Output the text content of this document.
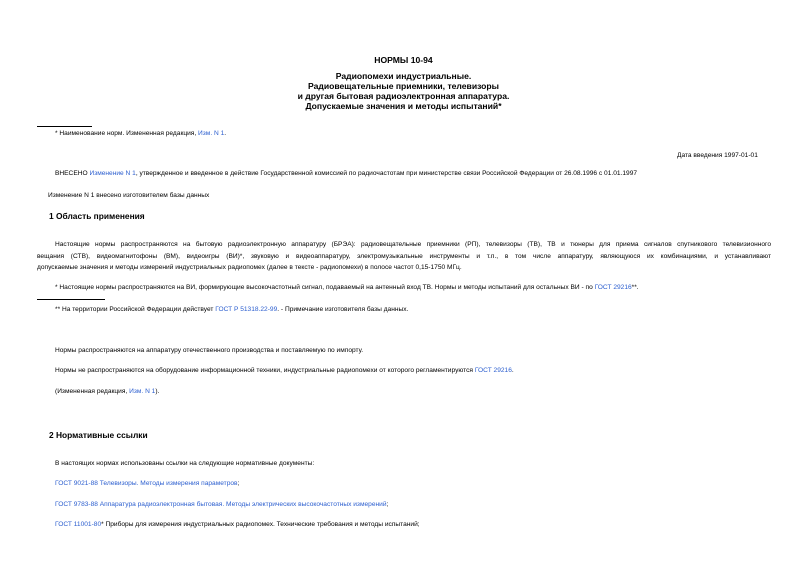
НОРМЫ 10-94
Радиопомехи индустриальные.
Радиовещательные приемники, телевизоры
и другая бытовая радиоэлектронная аппаратура.
Допускаемые значения и методы испытаний*
* Наименование норм. Измененная редакция, Изм. N 1.
Дата введения 1997-01-01
ВНЕСЕНО Изменение N 1, утвержденное и введенное в действие Государственной комиссией по радиочастотам при министерстве связи Российской Федерации от 26.08.1996 с 01.01.1997
Изменение N 1 внесено изготовителем базы данных
1 Область применения
Настоящие нормы распространяются на бытовую радиоэлектронную аппаратуру (БРЭА): радиовещательные приемники (РП), телевизоры (ТВ), ТВ и тюнеры для приема сигналов спутникового телевизионного
вещания (СТВ), видеомагнитофоны (ВМ), видеоигры (ВИ)*, звуковую и видеоаппаратуру, электромузыкальные инструменты и т.п., в том числе аппаратуру, являющуюся их комбинациями, и устанавливают
допускаемые значения и методы измерений индустриальных радиопомех (далее в тексте - радиопомехи) в полосе частот 0,15-1750 МГц.
* Настоящие нормы распространяются на ВИ, формирующие высокочастотный сигнал, подаваемый на антенный вход ТВ. Нормы и методы испытаний для остальных ВИ - по ГОСТ 29216**.
** На территории Российской Федерации действует ГОСТ Р 51318.22-99. - Примечание изготовителя базы данных.
Нормы распространяются на аппаратуру отечественного производства и поставляемую по импорту.
Нормы не распространяются на оборудование информационной техники, индустриальные радиопомехи от которого регламентируются ГОСТ 29216.
(Измененная редакция, Изм. N 1).
2 Нормативные ссылки
В настоящих нормах использованы ссылки на следующие нормативные документы:
ГОСТ 9021-88 Телевизоры. Методы измерения параметров;
ГОСТ 9783-88 Аппаратура радиоэлектронная бытовая. Методы электрических высокочастотных измерений;
ГОСТ 11001-80* Приборы для измерения индустриальных радиопомех. Технические требования и методы испытаний;
